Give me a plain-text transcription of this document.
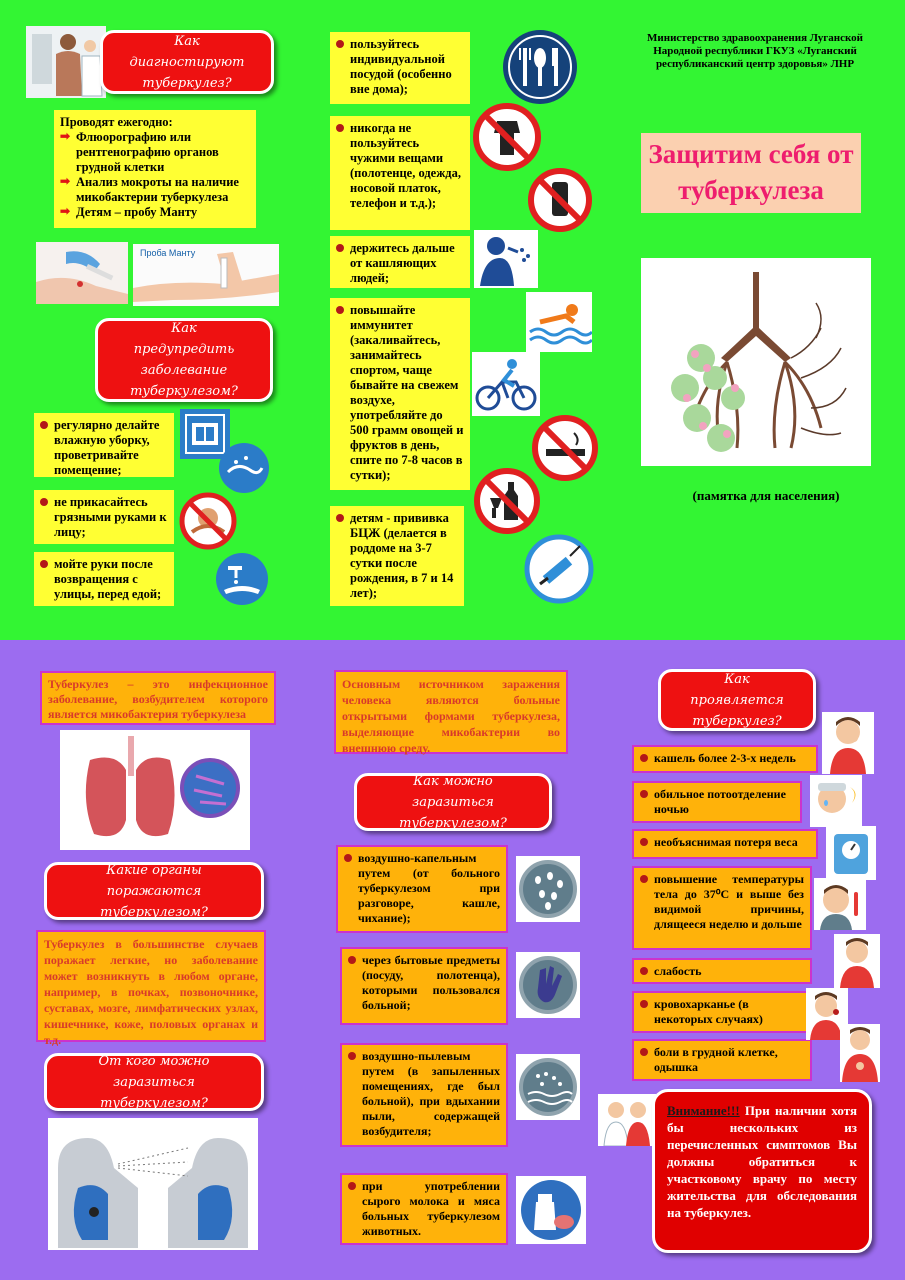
Как диагностируют туберкулез?
Проводят ежегодно:
➡ Флюорографию или рентгенографию органов грудной клетки
➡ Анализ мокроты на наличие микобактерии туберкулеза
➡ Детям – пробу Манту
Проба Манту
Как предупредить заболевание туберкулезом?
регулярно делайте влажную уборку, проветривайте помещение;
не прикасайтесь грязными руками к лицу;
мойте руки после возвращения с улицы, перед едой;
пользуйтесь индивидуальной посудой (особенно вне дома);
никогда не пользуйтесь чужими вещами (полотенце, одежда, носовой платок, телефон и т.д.);
держитесь дальше от кашляющих людей;
повышайте иммунитет (закаливайтесь, занимайтесь спортом, чаще бывайте на свежем воздухе, употребляйте до 500 грамм овощей и фруктов в день, спите по 7-8 часов в сутки);
детям - прививка БЦЖ (делается в роддоме на 3-7 сутки после рождения, в 7 и 14 лет);
Министерство здравоохранения Луганской Народной республики ГКУЗ «Луганский республиканский центр здоровья» ЛНР
Защитим себя от туберкулеза
(памятка для населения)
Туберкулез – это инфекционное заболевание, возбудителем которого является микобактерия туберкулеза
Какие органы поражаются туберкулезом?
Туберкулез в большинстве случаев поражает легкие, но заболевание может возникнуть в любом органе, например, в почках, позвоночнике, суставах, мозге, лимфатических узлах, кишечнике, коже, половых органах и т.д.
От кого можно заразиться туберкулезом?
Основным источником заражения человека являются больные открытыми формами туберкулеза, выделяющие микобактерии во внешнюю среду.
Как можно заразиться туберкулезом?
воздушно-капельным путем (от больного туберкулезом при разговоре, кашле, чихание);
через бытовые предметы (посуду, полотенца), которыми пользовался больной;
воздушно-пылевым путем (в запыленных помещениях, где был больной), при вдыхании пыли, содержащей возбудителя;
при употреблении сырого молока и мяса больных туберкулезом животных.
Как проявляется туберкулез?
кашель более 2-3-х недель
обильное потоотделение ночью
необъяснимая потеря веса
повышение температуры тела до 37⁰С и выше без видимой причины, длящееся неделю и дольше
слабость
кровохарканье (в некоторых случаях)
боли в грудной клетке, одышка
Внимание!!! При наличии хотя бы нескольких из перечисленных симптомов Вы должны обратиться к участковому врачу по месту жительства для обследования на туберкулез.
